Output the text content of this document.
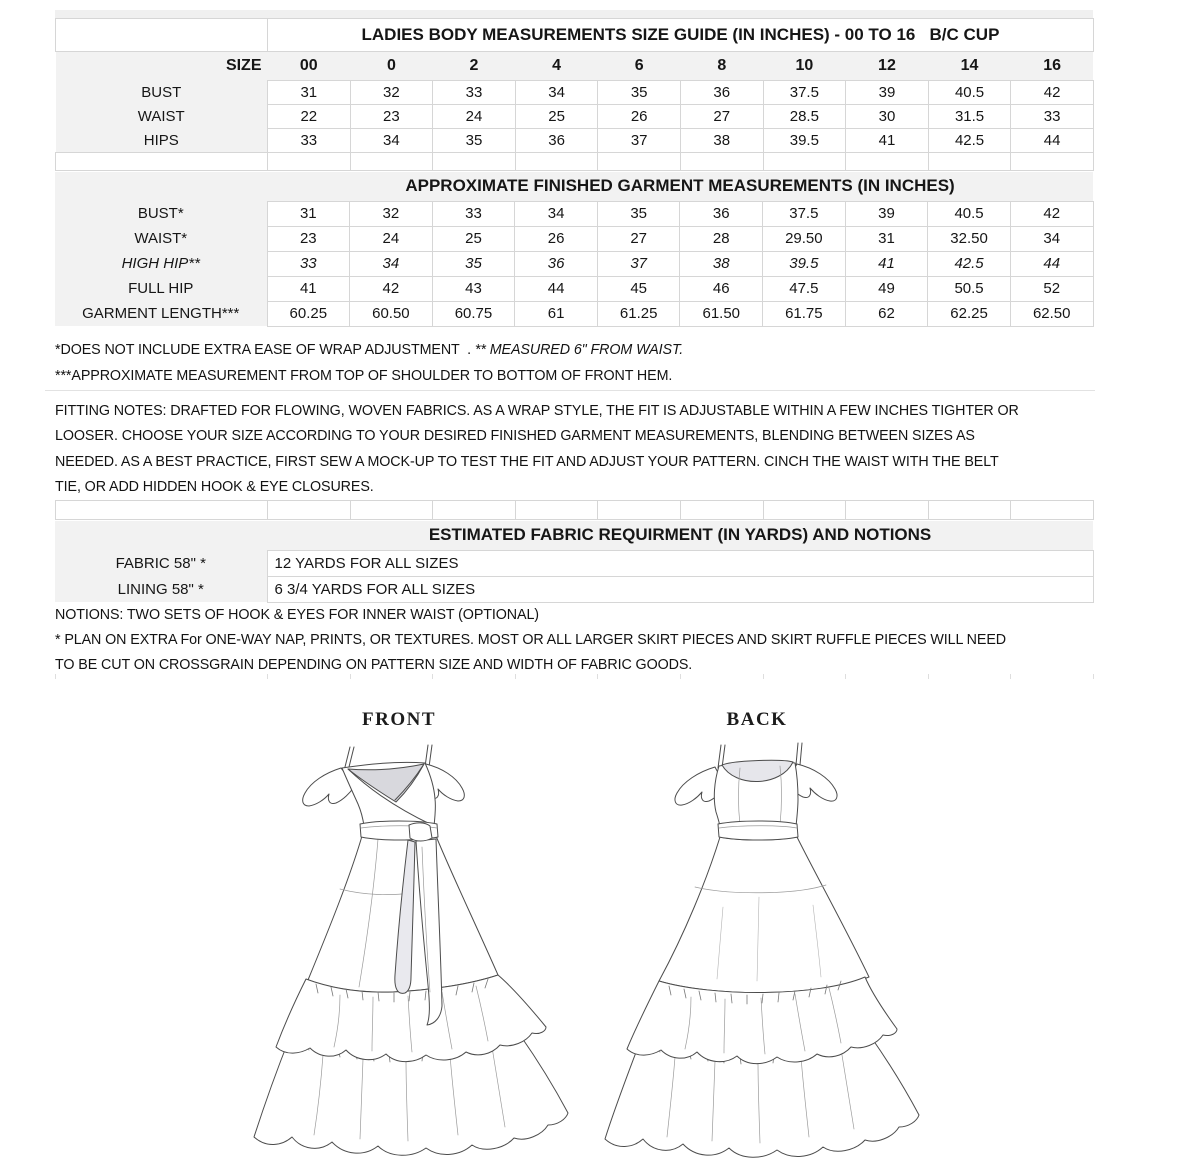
	LADIES BODY MEASUREMENTS SIZE GUIDE (IN INCHES) - 00 TO 16   B/C CUP									
SIZE	00	0	2	4	6	8	10	12	14	16
BUST	31	32	33	34	35	36	37.5	39	40.5	42
WAIST	22	23	24	25	26	27	28.5	30	31.5	33
HIPS	33	34	35	36	37	38	39.5	41	42.5	44

APPROXIMATE FINISHED GARMENT MEASUREMENTS (IN INCHES)										

BUST*	31	32	33	34	35	36	37.5	39	40.5	42
WAIST*	23	24	25	26	27	28	29.50	31	32.50	34
HIGH HIP**	33	34	35	36	37	38	39.5	41	42.5	44
FULL HIP	41	42	43	44	45	46	47.5	49	50.5	52
GARMENT LENGTH***	60.25	60.50	60.75	61	61.25	61.50	61.75	62	62.25	62.50
*DOES NOT INCLUDE EXTRA EASE OF WRAP ADJUSTMENT  . ** MEASURED 6" FROM WAIST.
***APPROXIMATE MEASUREMENT FROM TOP OF SHOULDER TO BOTTOM OF FRONT HEM.
FITTING NOTES: DRAFTED FOR FLOWING, WOVEN FABRICS. AS A WRAP STYLE, THE FIT IS ADJUSTABLE WITHIN A FEW INCHES TIGHTER OR
LOOSER. CHOOSE YOUR SIZE ACCORDING TO YOUR DESIRED FINISHED GARMENT MEASUREMENTS, BLENDING BETWEEN SIZES AS
NEEDED. AS A BEST PRACTICE, FIRST SEW A MOCK-UP TO TEST THE FIT AND ADJUST YOUR PATTERN. CINCH THE WAIST WITH THE BELT
TIE, OR ADD HIDDEN HOOK & EYE CLOSURES.

ESTIMATED FABRIC REQUIRMENT (IN YARDS) AND NOTIONS	

FABRIC 58" *	12 YARDS FOR ALL SIZES
LINING 58" *	6 3/4 YARDS FOR ALL SIZES
NOTIONS: TWO SETS OF HOOK & EYES FOR INNER WAIST (OPTIONAL)
* PLAN ON EXTRA For ONE-WAY NAP, PRINTS, OR TEXTURES. MOST OR ALL LARGER SKIRT PIECES AND SKIRT RUFFLE PIECES WILL NEED
TO BE CUT ON CROSSGRAIN DEPENDING ON PATTERN SIZE AND WIDTH OF FABRIC GOODS.

FRONT	BACK
